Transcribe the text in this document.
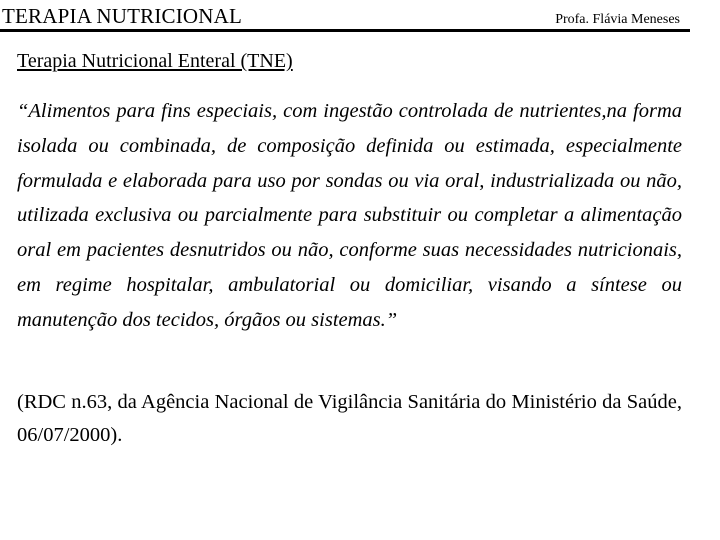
TERAPIA NUTRICIONAL	Profa. Flávia Meneses
Terapia Nutricional Enteral (TNE)

“Alimentos para fins especiais, com ingestão controlada de nutrientes,na forma isolada ou combinada, de composição definida ou estimada, especialmente formulada e elaborada para uso por sondas ou via oral, industrializada ou não, utilizada exclusiva ou parcialmente para substituir ou completar a alimentação oral em pacientes desnutridos ou não, conforme suas necessidades nutricionais, em regime hospitalar, ambulatorial ou domiciliar, visando a síntese ou manutenção dos tecidos, órgãos ou sistemas.”

(RDC n.63, da Agência Nacional de Vigilância Sanitária do Ministério da Saúde, 06/07/2000).
